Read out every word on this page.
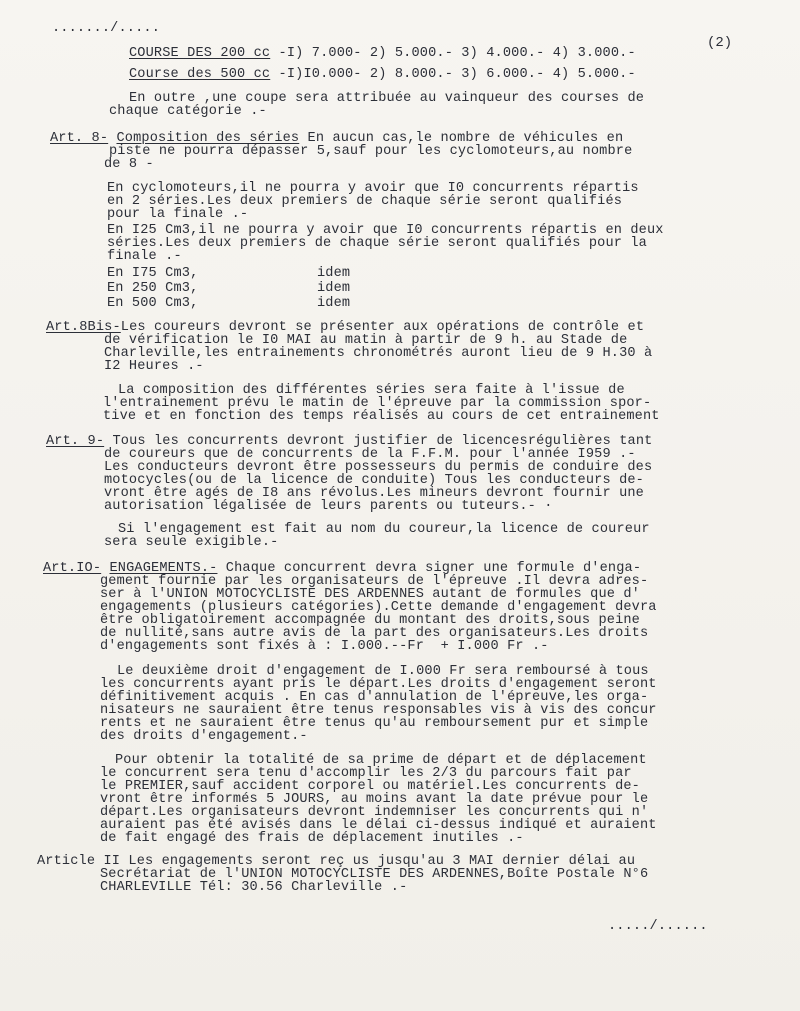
......./.....
(2)
COURSE DES 200 cc -I) 7.000- 2) 5.000.- 3) 4.000.- 4) 3.000.-
Course des 500 cc -I)I0.000- 2) 8.000.- 3) 6.000.- 4) 5.000.-
En outre ,une coupe sera attribuée au vainqueur des courses de
chaque catégorie .-
Art. 8- Composition des séries En aucun cas,le nombre de véhicules en
piste ne pourra dépasser 5,sauf pour les cyclomoteurs,au nombre
de 8 -
En cyclomoteurs,il ne pourra y avoir que I0 concurrents répartis
en 2 séries.Les deux premiers de chaque série seront qualifiés
pour la finale .-
En I25 Cm3,il ne pourra y avoir que I0 concurrents répartis en deux
séries.Les deux premiers de chaque série seront qualifiés pour la
finale .-
En I75 Cm3,	idem
En 250 Cm3,	idem
En 500 Cm3,	idem
Art.8Bis-Les coureurs devront se présenter aux opérations de contrôle et
de vérification le I0 MAI au matin à partir de 9 h. au Stade de
Charleville,les entrainements chronométrés auront lieu de 9 H.30 à
I2 Heures .-
La composition des différentes séries sera faite à l'issue de
l'entrainement prévu le matin de l'épreuve par la commission spor-
tive et en fonction des temps réalisés au cours de cet entrainement
Art. 9- Tous les concurrents devront justifier de licencesrégulières tant
de coureurs que de concurrents de la F.F.M. pour l'année I959 .-
Les conducteurs devront être possesseurs du permis de conduire des
motocycles(ou de la licence de conduite) Tous les conducteurs de-
vront être agés de I8 ans révolus.Les mineurs devront fournir une
autorisation légalisée de leurs parents ou tuteurs.- ·
Si l'engagement est fait au nom du coureur,la licence de coureur
sera seule exigible.-
Art.IO- ENGAGEMENTS.- Chaque concurrent devra signer une formule d'enga-
gement fournie par les organisateurs de l'épreuve .Il devra adres-
ser à l'UNION MOTOCYCLISTE DES ARDENNES autant de formules que d'
engagements (plusieurs catégories).Cette demande d'engagement devra
être obligatoirement accompagnée du montant des droits,sous peine
de nullité,sans autre avis de la part des organisateurs.Les droits
d'engagements sont fixés à : I.000.--Fr  + I.000 Fr .-
Le deuxième droit d'engagement de I.000 Fr sera remboursé à tous
les concurrents ayant pris le départ.Les droits d'engagement seront
définitivement acquis . En cas d'annulation de l'épreuve,les orga-
nisateurs ne sauraient être tenus responsables vis à vis des concur
rents et ne sauraient être tenus qu'au remboursement pur et simple
des droits d'engagement.-
Pour obtenir la totalité de sa prime de départ et de déplacement
le concurrent sera tenu d'accomplir les 2/3 du parcours fait par
le PREMIER,sauf accident corporel ou matériel.Les concurrents de-
vront être informés 5 JOURS, au moins avant la date prévue pour le
départ.Les organisateurs devront indemniser les concurrents qui n'
auraient pas été avisés dans le délai ci-dessus indiqué et auraient
de fait engagé des frais de déplacement inutiles .-
Article II Les engagements seront reç us jusqu'au 3 MAI dernier délai au
Secrétariat de l'UNION MOTOCYCLISTE DES ARDENNES,Boîte Postale N°6
CHARLEVILLE Tél: 30.56 Charleville .-
...../......
